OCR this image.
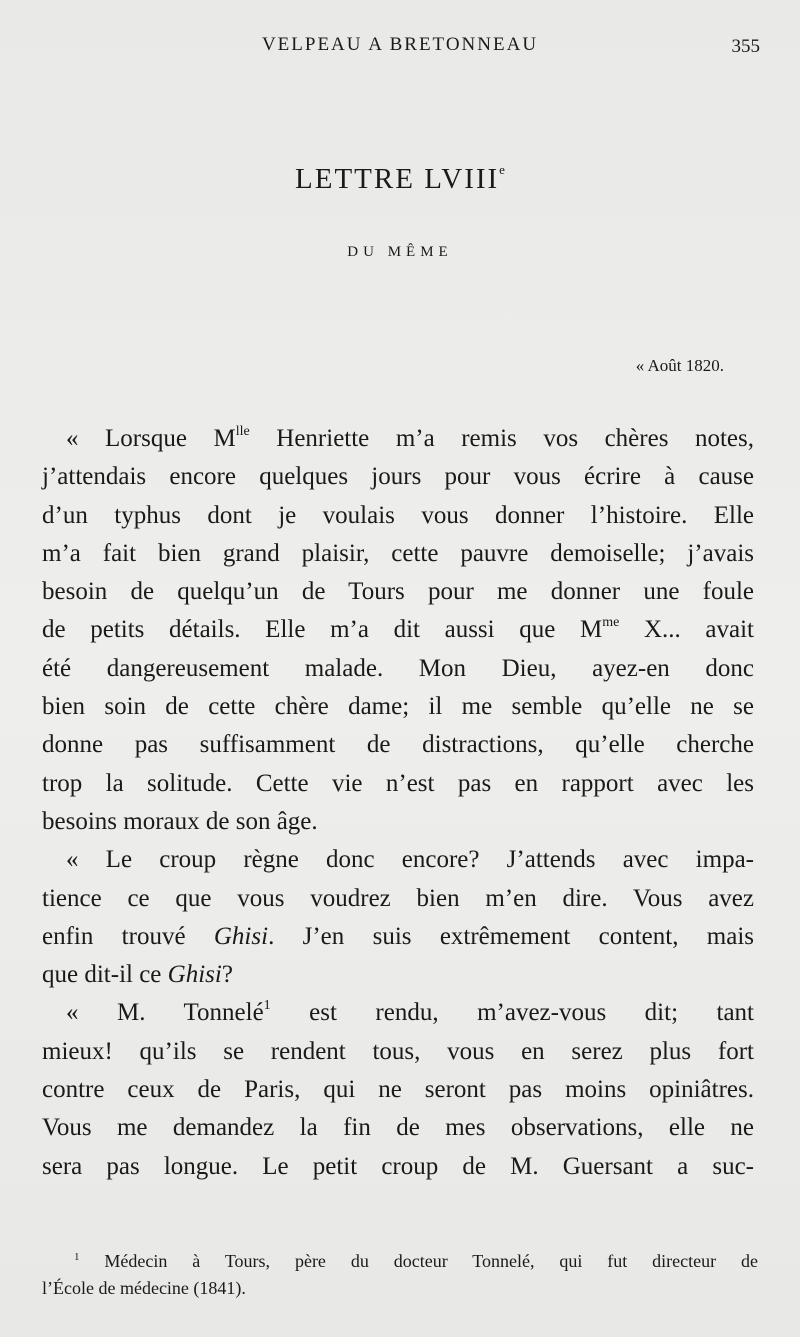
VELPEAU A BRETONNEAU	355
LETTRE LVIIIe
DU MÊME
« Août 1820.
« Lorsque $M^{lle}$ Henriette m’a remis vos chères notes,
j’attendais encore quelques jours pour vous écrire à cause
d’un typhus dont je voulais vous donner l’histoire. Elle
m’a fait bien grand plaisir, cette pauvre demoiselle; j’avais
besoin de quelqu’un de Tours pour me donner une foule
de petits détails. Elle m’a dit aussi que $M^{me}$ X... avait
été dangereusement malade. Mon Dieu, ayez-en donc
bien soin de cette chère dame; il me semble qu’elle ne se
donne pas suffisamment de distractions, qu’elle cherche
trop la solitude. Cette vie n’est pas en rapport avec les
besoins moraux de son âge.
« Le croup règne donc encore? J’attends avec impa-
tience ce que vous voudrez bien m’en dire. Vous avez
enfin trouvé Ghisi. J’en suis extrêmement content, mais
que dit-il ce Ghisi?
« M. Tonnelé$^1$ est rendu, m’avez-vous dit; tant
mieux! qu’ils se rendent tous, vous en serez plus fort
contre ceux de Paris, qui ne seront pas moins opiniâtres.
Vous me demandez la fin de mes observations, elle ne
sera pas longue. Le petit croup de M. Guersant a suc-
$^1$ Médecin à Tours, père du docteur Tonnelé, qui fut directeur de
l’École de médecine (1841).
